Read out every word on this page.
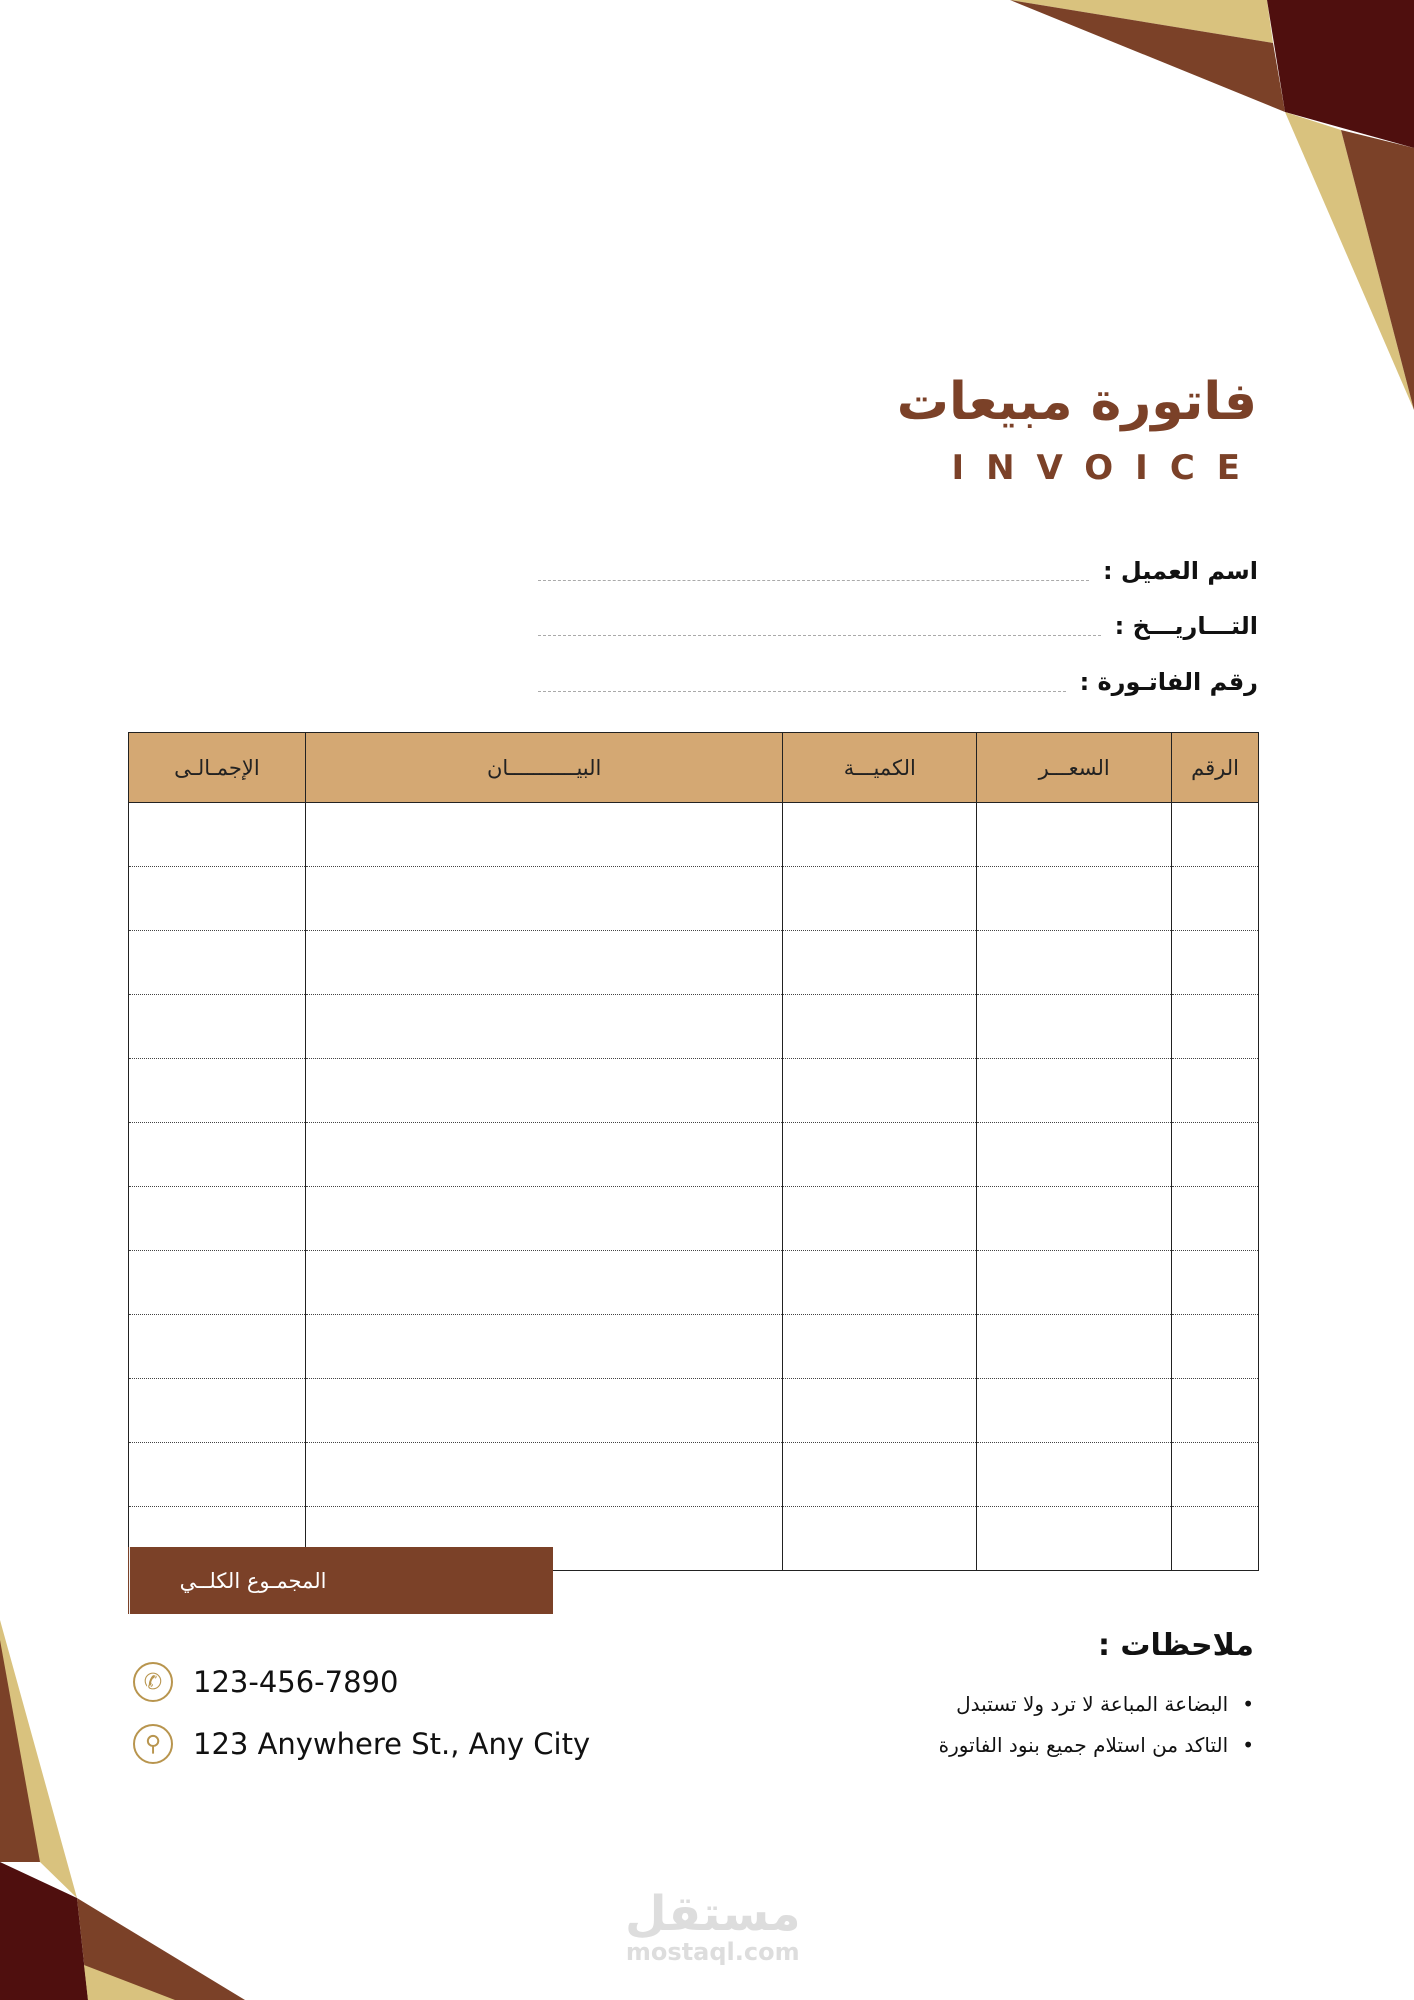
فاتورة مبيعات
INVOICE
اسم العميل :
التـــاريـــخ :
رقم الفاتـورة :
الرقم	السعـــر	الكميـــة	البيـــــــــــان	الإجمـالـى

المجمـوع الكلــي
ملاحظات :
• البضاعة المباعة لا ترد ولا تستبدل
• التاكد من استلام جميع بنود الفاتورة
✆	123-456-7890
⚲	123 Anywhere St., Any City
مستقل
mostaql.com
